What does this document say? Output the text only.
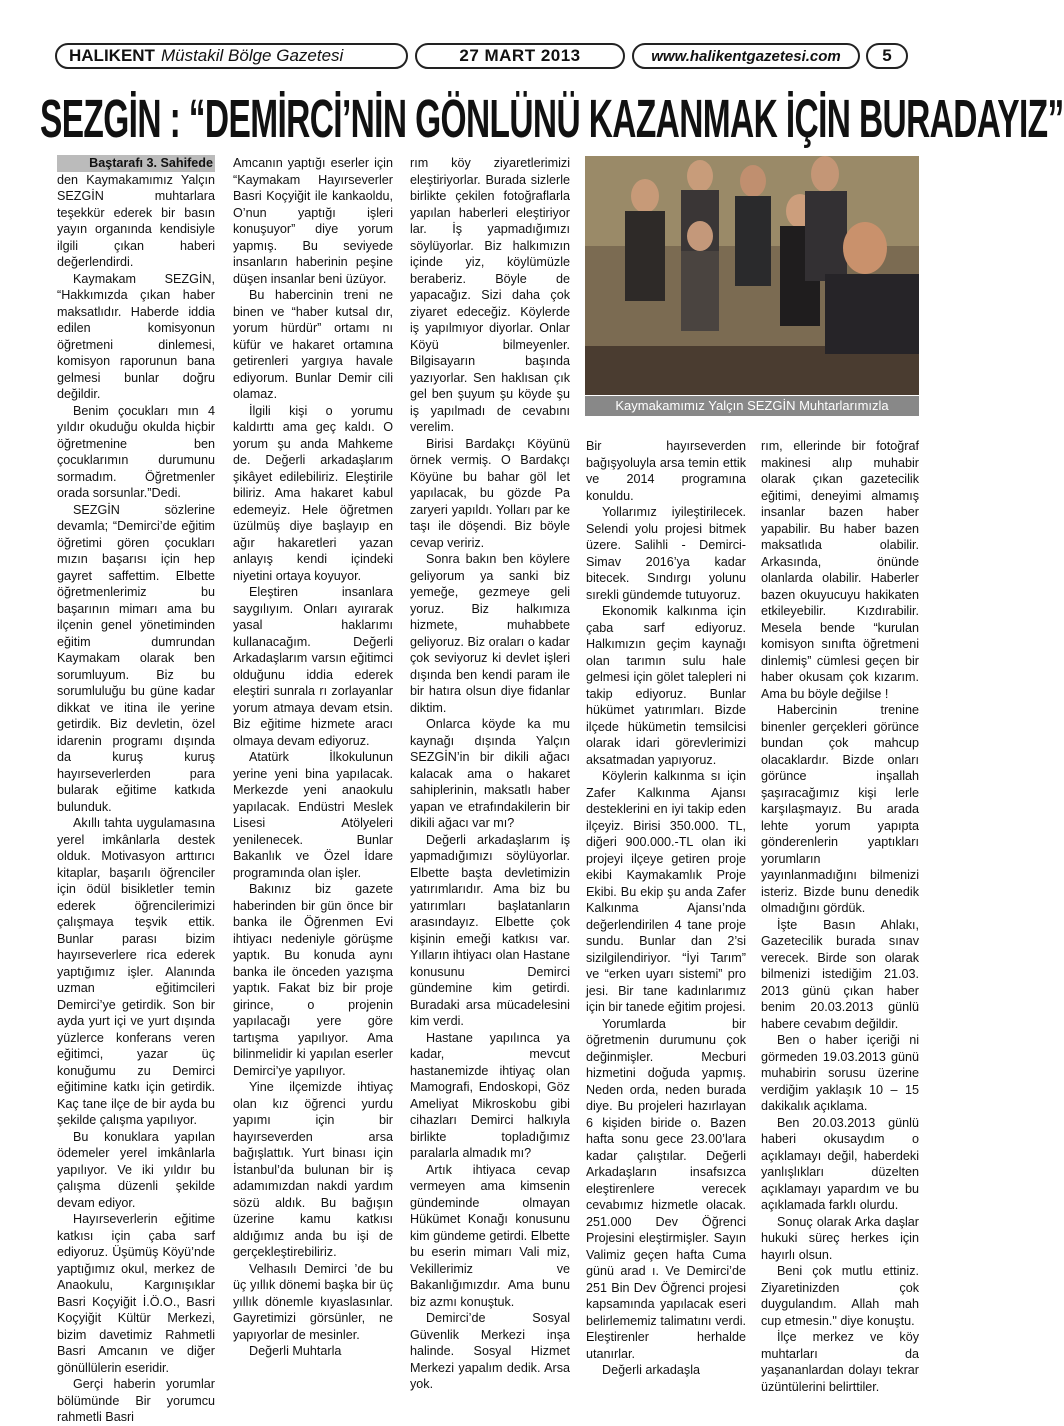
HALIKENT Müstakil Bölge Gazetesi	27 MART 2013	www.halikentgazetesi.com	5
SEZGİN : “DEMİRCİ’NİN GÖNLÜNÜ KAZANMAK İÇİN BURADAYIZ”
Baştarafı 3. Sahifede

den Kaymakamımız Yalçın SEZGİN muhtarlara teşekkür ederek bir basın yayın organında kendisiyle ilgili çıkan haberi değerlendirdi.

Kaymakam SEZGİN, “Hakkımızda çıkan haber maksatlıdır. Haberde iddia edilen komisyonun öğretmeni dinlemesi, komisyon raporunun bana gelmesi bunlar doğru değildir.

Benim çocukları mın 4 yıldır okuduğu okulda hiçbir öğretmenine ben çocuklarımın durumunu sormadım. Öğretmenler orada sorsunlar.”Dedi.

SEZGİN sözlerine devamla; “Demirci’de eğitim öğretimi gören çocukları mızın başarısı için hep gayret saffettim. Elbette öğretmenlerimiz bu başarının mimarı ama bu ilçenin genel yönetiminden eğitim dumrundan Kaymakam olarak ben sorumluyum. Biz bu sorumluluğu bu güne kadar dikkat ve itina ile yerine getirdik. Biz devletin, özel idarenin programı dışında da kuruş kuruş hayırseverlerden para bularak eğitime katkıda bulunduk.

Akıllı tahta uygulamasına yerel imkânlarla destek olduk. Motivasyon arttırıcı kitaplar, başarılı öğrenciler için ödül bisikletler temin ederek öğrencilerimizi çalışmaya teşvik ettik. Bunlar parası bizim hayırseverlere rica ederek yaptığımız işler. Alanında uzman eğitimcileri Demirci’ye getirdik. Son bir ayda yurt içi ve yurt dışında yüzlerce konferans veren eğitimci, yazar üç konuğumu zu Demirci eğitimine katkı için getirdik. Kaç tane ilçe de bir ayda bu şekilde çalışma yapılıyor.

Bu konuklara yapılan ödemeler yerel imkânlarla yapılıyor. Ve iki yıldır bu çalışma düzenli şekilde devam ediyor.

Hayırseverlerin eğitime katkısı için çaba sarf ediyoruz. Üşümüş Köyü’nde yaptığımız okul, merkez de Anaokulu, Kargınışıklar Basri Koçyiğit İ.Ö.O., Basri Koçyiğit Kültür Merkezi, bizim davetimiz Rahmetli Basri Amcanın ve diğer gönüllülerin eseridir.

Gerçi haberin yorumlar bölümünde Bir yorumcu rahmetli Basri

Amcanın yaptığı eserler için “Kaymakam Hayırseverler Basri Koçyiğit ile kankaoldu, O’nun yaptığı işleri konuşuyor” diye yorum yapmış. Bu seviyede insanların haberinin peşine düşen insanlar beni üzüyor.

Bu habercinin treni ne binen ve “haber kutsal dır, yorum hürdür” ortamı nı küfür ve hakaret ortamına getirenleri yargıya havale ediyorum. Bunlar Demir cili olamaz.

İlgili kişi o yorumu kaldırttı ama geç kaldı. O yorum şu anda Mahkeme de. Değerli arkadaşlarım şikâyet edilebiliriz. Eleştirile biliriz. Ama hakaret kabul edemeyiz. Hele öğretmen üzülmüş diye başlayıp en ağır hakaretleri yazan anlayış kendi içindeki niyetini ortaya koyuyor.

Eleştiren insanlara saygılıyım. Onları ayırarak yasal haklarımı kullanacağım. Değerli Arkadaşlarım varsın eğitimci olduğunu iddia ederek eleştiri sunrala rı zorlayanlar yorum atmaya devam etsin. Biz eğitime hizmete aracı olmaya devam ediyoruz.

Atatürk İlkokulunun yerine yeni bina yapılacak. Merkezde yeni anaokulu yapılacak. Endüstri Meslek Lisesi Atölyeleri yenilenecek. Bunlar Bakanlık ve Özel İdare programında olan işler.

Bakınız biz gazete haberinden bir gün önce bir banka ile Öğrenmen Evi ihtiyacı nedeniyle görüşme yaptık. Bu konuda aynı banka ile önceden yazışma yaptık. Fakat biz bir proje girince, o projenin yapılacağı yere göre tartışma yapılıyor. Ama bilinmelidir ki yapılan eserler Demirci’ye yapılıyor.

Yine ilçemizde ihtiyaç olan kız öğrenci yurdu yapımı için bir hayırseverden arsa bağışlattık. Yurt binası için İstanbul’da bulunan bir iş adamımızdan nakdi yardım sözü aldık. Bu bağışın üzerine kamu katkısı aldığımız anda bu işi de gerçekleştirebiliriz.

Velhasılı Demirci ’de bu üç yıllık dönemi başka bir üç yıllık dönemle kıyaslasınlar. Gayretimizi görsünler, ne yapıyorlar de mesinler.

Değerli Muhtarla

rım köy ziyaretlerimizi eleştiriyorlar. Burada sizlerle birlikte çekilen fotoğraflarla yapılan haberleri eleştiriyor lar. İş yapmadığımızı söylüyorlar. Biz halkımızın içinde yiz, köylümüzle beraberiz. Böyle de yapacağız. Sizi daha çok ziyaret edeceğiz. Köylerde iş yapılmıyor diyorlar. Onlar Köyü bilmeyenler. Bilgisayarın başında yazıyorlar. Sen haklısan çık gel ben şuyum şu köyde şu iş yapılmadı de cevabını verelim.

Birisi Bardakçı Köyünü örnek vermiş. O Bardakçı Köyüne bu bahar göl let yapılacak, bu gözde Pa zaryeri yapıldı. Yolları par ke taşı ile döşendi. Biz böyle cevap veririz.

Sonra bakın ben köylere geliyorum ya sanki biz yemeğe, gezmeye geli yoruz. Biz halkımıza hizmete, muhabbete geliyoruz. Biz oraları o kadar çok seviyoruz ki devlet işleri dışında ben kendi param ile bir hatıra olsun diye fidanlar diktim.

Onlarca köyde ka mu kaynağı dışında Yalçın SEZGİN’in bir dikili ağacı kalacak ama o hakaret sahiplerinin, maksatlı haber yapan ve etrafındakilerin bir dikili ağacı var mı?

Değerli arkadaşlarım iş yapmadığımızı söylüyorlar. Elbette başta devletimizin yatırımlarıdır. Ama biz bu yatırımları başlatanların arasındayız. Elbette çok kişinin emeği katkısı var. Yılların ihtiyacı olan Hastane konusunu Demirci gündemine kim getirdi. Buradaki arsa mücadelesini kim verdi.

Hastane yapılınca ya kadar, mevcut hastanemizde ihtiyaç olan Mamografi, Endoskopi, Göz Ameliyat Mikroskobu gibi cihazları Demirci halkıyla birlikte topladığımız paralarla almadık mı?

Artık ihtiyaca cevap vermeyen ama kimsenin gündeminde olmayan Hükümet Konağı konusunu kim gündeme getirdi. Elbette bu eserin mimarı Vali miz, Vekillerimiz ve Bakanlığımızdır. Ama bunu biz azmı konuştuk.

Demirci’de Sosyal Güvenlik Merkezi inşa halinde. Sosyal Hizmet Merkezi yapalım dedik. Arsa yok.

Kaymakamımız Yalçın SEZGİN Muhtarlarımızla

Bir hayırseverden bağışyoluyla arsa temin ettik ve 2014 programına konuldu.

Yollarımız iyileştirilecek. Selendi yolu projesi bitmek üzere. Salihli - Demirci- Simav 2016’ya kadar bitecek. Sındırgı yolunu sırekli gündemde tutuyoruz.

Ekonomik kalkınma için çaba sarf ediyoruz. Halkımızın geçim kaynağı olan tarımın sulu hale gelmesi için gölet talepleri ni takip ediyoruz. Bunlar hükümet yatırımları. Bizde ilçede hükümetin temsilcisi olarak idari görevlerimizi aksatmadan yapıyoruz.

Köylerin kalkınma sı için Zafer Kalkınma Ajansı desteklerini en iyi takip eden ilçeyiz. Birisi 350.000. TL, diğeri 900.000.-TL olan iki projeyi ilçeye getiren proje ekibi Kaymakamlık Proje Ekibi. Bu ekip şu anda Zafer Kalkınma Ajansı’nda değerlendirilen 4 tane proje sundu. Bunlar dan 2’si sizilgilendiriyor. “İyi Tarım” ve “erken uyarı sistemi” pro jesi. Bir tane kadınlarımız için bir tanede eğitim projesi.

Yorumlarda bir öğretmenin durumunu çok değinmişler. Mecburi hizmetini doğuda yapmış. Neden orda, neden burada diye. Bu projeleri hazırlayan 6 kişiden biride o. Bazen hafta sonu gece 23.00’lara kadar çalıştılar. Değerli Arkadaşların insafsızca eleştirenlere verecek cevabımız hizmetle olacak. 251.000 Dev Öğrenci Projesini eleştirmişler. Sayın Valimiz geçen hafta Cuma günü arad ı. Ve Demirci’de 251 Bin Dev Öğrenci projesi kapsamında yapılacak eseri belirlememiz talimatını verdi. Eleştirenler herhalde utanırlar.

Değerli arkadaşla

rım, ellerinde bir fotoğraf makinesi alıp muhabir olarak çıkan gazetecilik eğitimi, deneyimi almamış insanlar bazen haber yapabilir. Bu haber bazen maksatlıda olabilir. Arkasında, önünde olanlarda olabilir. Haberler bazen okuyucuyu hakikaten etkileyebilir. Kızdırabilir. Mesela bende “kurulan komisyon sınıfta öğretmeni dinlemiş” cümlesi geçen bir haber okusam çok kızarım. Ama bu böyle değilse !

Habercinin trenine binenler gerçekleri görünce bundan çok mahcup olacaklardır. Bizde onları görünce inşallah şaşıracağımız kişi lerle karşılaşmayız. Bu arada lehte yorum yapıpta gönderenlerin yaptıkları yorumların yayınlanmadığını bilmenizi isteriz. Bizde bunu denedik olmadığını gördük.

İşte Basın Ahlakı, Gazetecilik burada sınav verecek. Birde son olarak bilmenizi istediğim 21.03. 2013 günü çıkan haber benim 20.03.2013 günlü habere cevabım değildir.

Ben o haber içeriği ni görmeden 19.03.2013 günü muhabirin sorusu üzerine verdiğim yaklaşık 10 – 15 dakikalık açıklama.

Ben 20.03.2013 günlü haberi okusaydım o açıklamayı değil, haberdeki yanlışlıkları düzelten açıklamayı yapardım ve bu açıklamada farklı olurdu.

Sonuç olarak Arka daşlar hukuki süreç herkes için hayırlı olsun.

Beni çok mutlu ettiniz. Ziyaretinizden çok duygulandım. Allah mah cup etmesin." diye konuştu.

İlçe merkez ve köy muhtarları da yaşananlardan dolayı tekrar üzüntülerini belirttiler.
